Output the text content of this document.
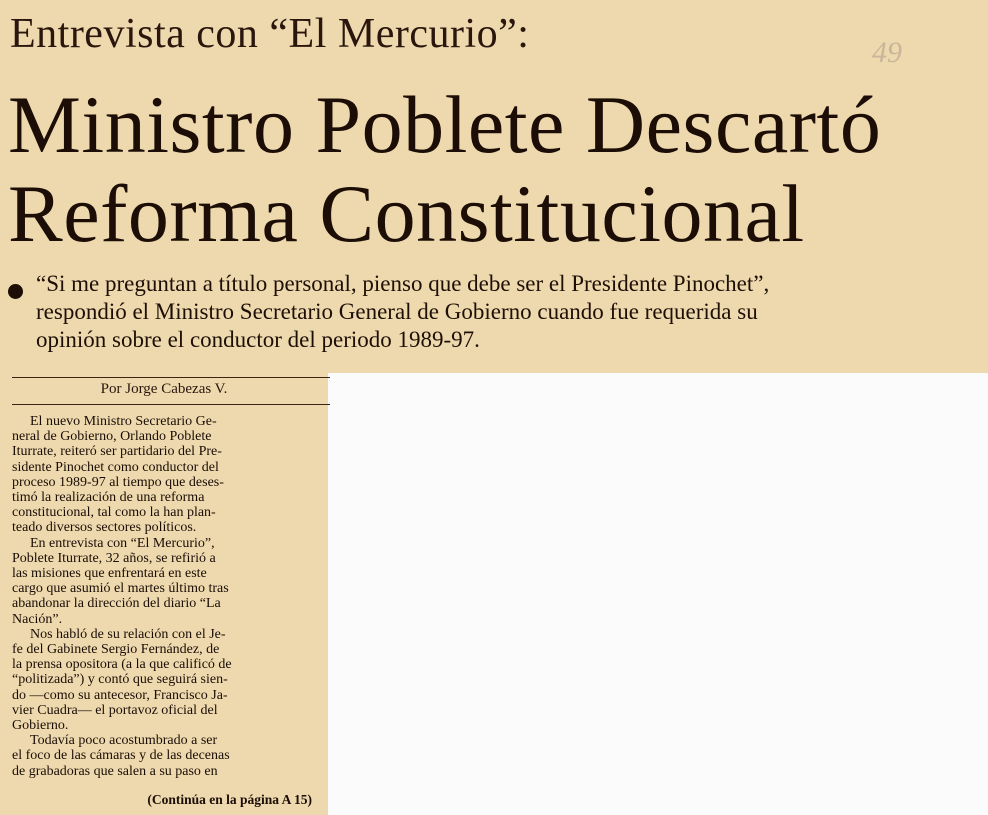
Entrevista con “El Mercurio”:	49
Ministro Poblete Descartó
Reforma Constitucional
“Si me preguntan a título personal, pienso que debe ser el Presidente Pinochet”,
respondió el Ministro Secretario General de Gobierno cuando fue requerida su
opinión sobre el conductor del periodo 1989-97.
Por Jorge Cabezas V.
El nuevo Ministro Secretario Ge-
neral de Gobierno, Orlando Poblete
Iturrate, reiteró ser partidario del Pre-
sidente Pinochet como conductor del
proceso 1989-97 al tiempo que deses-
timó la realización de una reforma
constitucional, tal como la han plan-
teado diversos sectores políticos.
En entrevista con “El Mercurio”,
Poblete Iturrate, 32 años, se refirió a
las misiones que enfrentará en este
cargo que asumió el martes último tras
abandonar la dirección del diario “La
Nación”.
Nos habló de su relación con el Je-
fe del Gabinete Sergio Fernández, de
la prensa opositora (a la que calificó de
“politizada”) y contó que seguirá sien-
do —como su antecesor, Francisco Ja-
vier Cuadra— el portavoz oficial del
Gobierno.
Todavía poco acostumbrado a ser
el foco de las cámaras y de las decenas
de grabadoras que salen a su paso en
(Continúa en la página A 15)
